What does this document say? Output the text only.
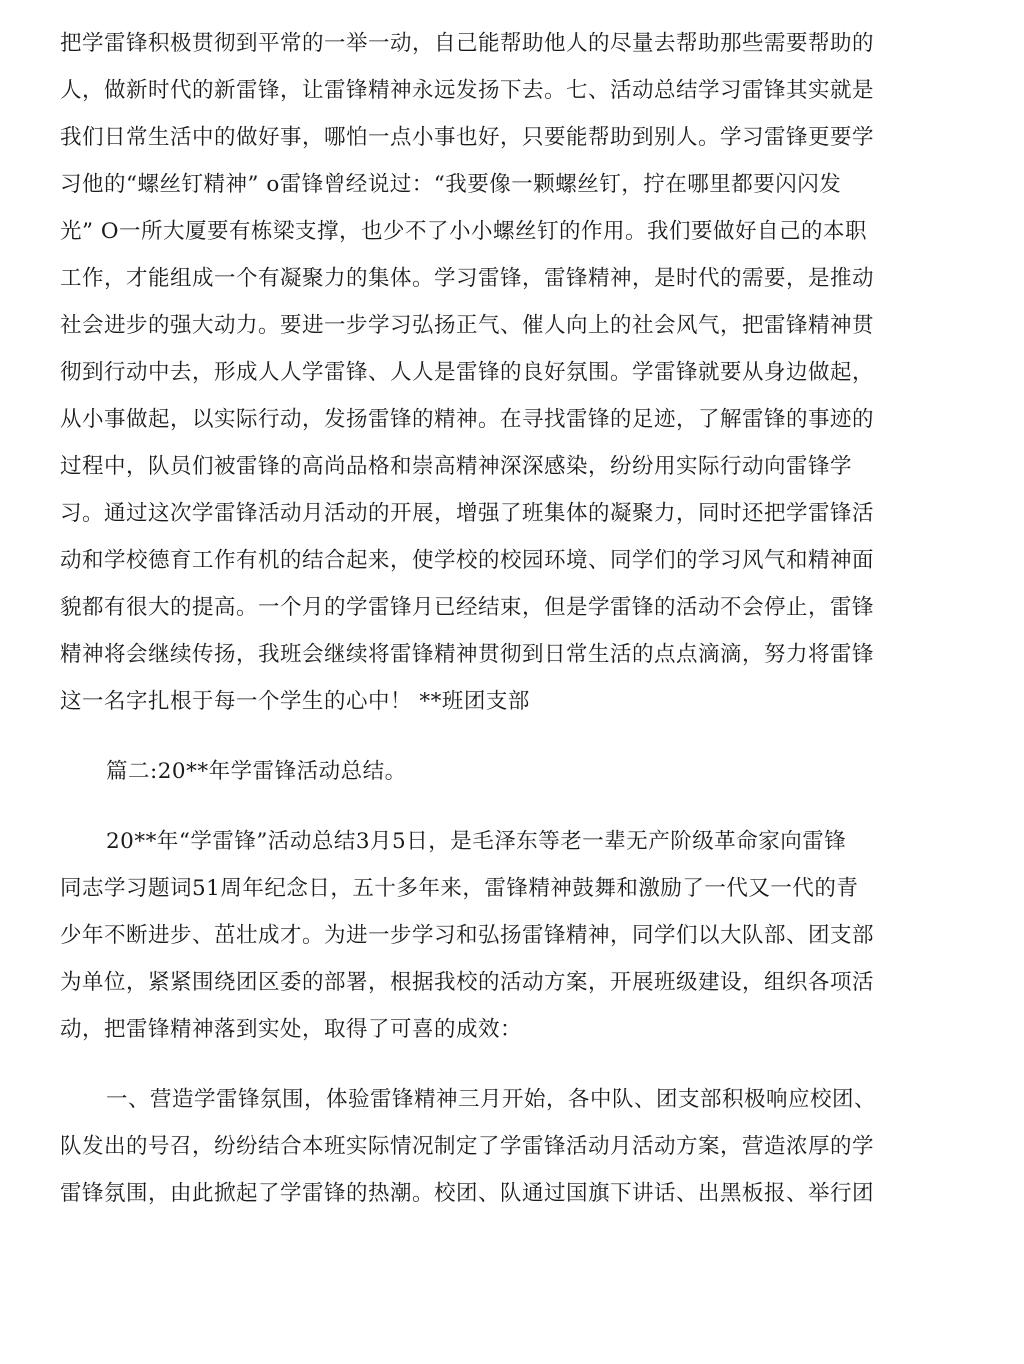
把学雷锋积极贯彻到平常的一举一动，自己能帮助他人的尽量去帮助那些需要帮助的
人，做新时代的新雷锋，让雷锋精神永远发扬下去。七、活动总结学习雷锋其实就是
我们日常生活中的做好事，哪怕一点小事也好，只要能帮助到别人。学习雷锋更要学
习他的“螺丝钉精神” o雷锋曾经说过：“我要像一颗螺丝钉，拧在哪里都要闪闪发
光” O一所大厦要有栋梁支撑，也少不了小小螺丝钉的作用。我们要做好自己的本职
工作，才能组成一个有凝聚力的集体。学习雷锋，雷锋精神，是时代的需要，是推动
社会进步的强大动力。要进一步学习弘扬正气、催人向上的社会风气，把雷锋精神贯
彻到行动中去，形成人人学雷锋、人人是雷锋的良好氛围。学雷锋就要从身边做起，
从小事做起，以实际行动，发扬雷锋的精神。在寻找雷锋的足迹，了解雷锋的事迹的
过程中，队员们被雷锋的高尚品格和崇高精神深深感染，纷纷用实际行动向雷锋学
习。通过这次学雷锋活动月活动的开展，增强了班集体的凝聚力，同时还把学雷锋活
动和学校德育工作有机的结合起来，使学校的校园环境、同学们的学习风气和精神面
貌都有很大的提高。一个月的学雷锋月已经结束，但是学雷锋的活动不会停止，雷锋
精神将会继续传扬，我班会继续将雷锋精神贯彻到日常生活的点点滴滴，努力将雷锋
这一名字扎根于每一个学生的心中！ **班团支部
篇二:20**年学雷锋活动总结。
20**年“学雷锋”活动总结3月5日，是毛泽东等老一辈无产阶级革命家向雷锋
同志学习题词51周年纪念日，五十多年来，雷锋精神鼓舞和激励了一代又一代的青
少年不断进步、茁壮成才。为进一步学习和弘扬雷锋精神，同学们以大队部、团支部
为单位，紧紧围绕团区委的部署，根据我校的活动方案，开展班级建设，组织各项活
动，把雷锋精神落到实处，取得了可喜的成效：
一、营造学雷锋氛围，体验雷锋精神三月开始，各中队、团支部积极响应校团、
队发出的号召，纷纷结合本班实际情况制定了学雷锋活动月活动方案，营造浓厚的学
雷锋氛围，由此掀起了学雷锋的热潮。校团、队通过国旗下讲话、出黑板报、举行团
